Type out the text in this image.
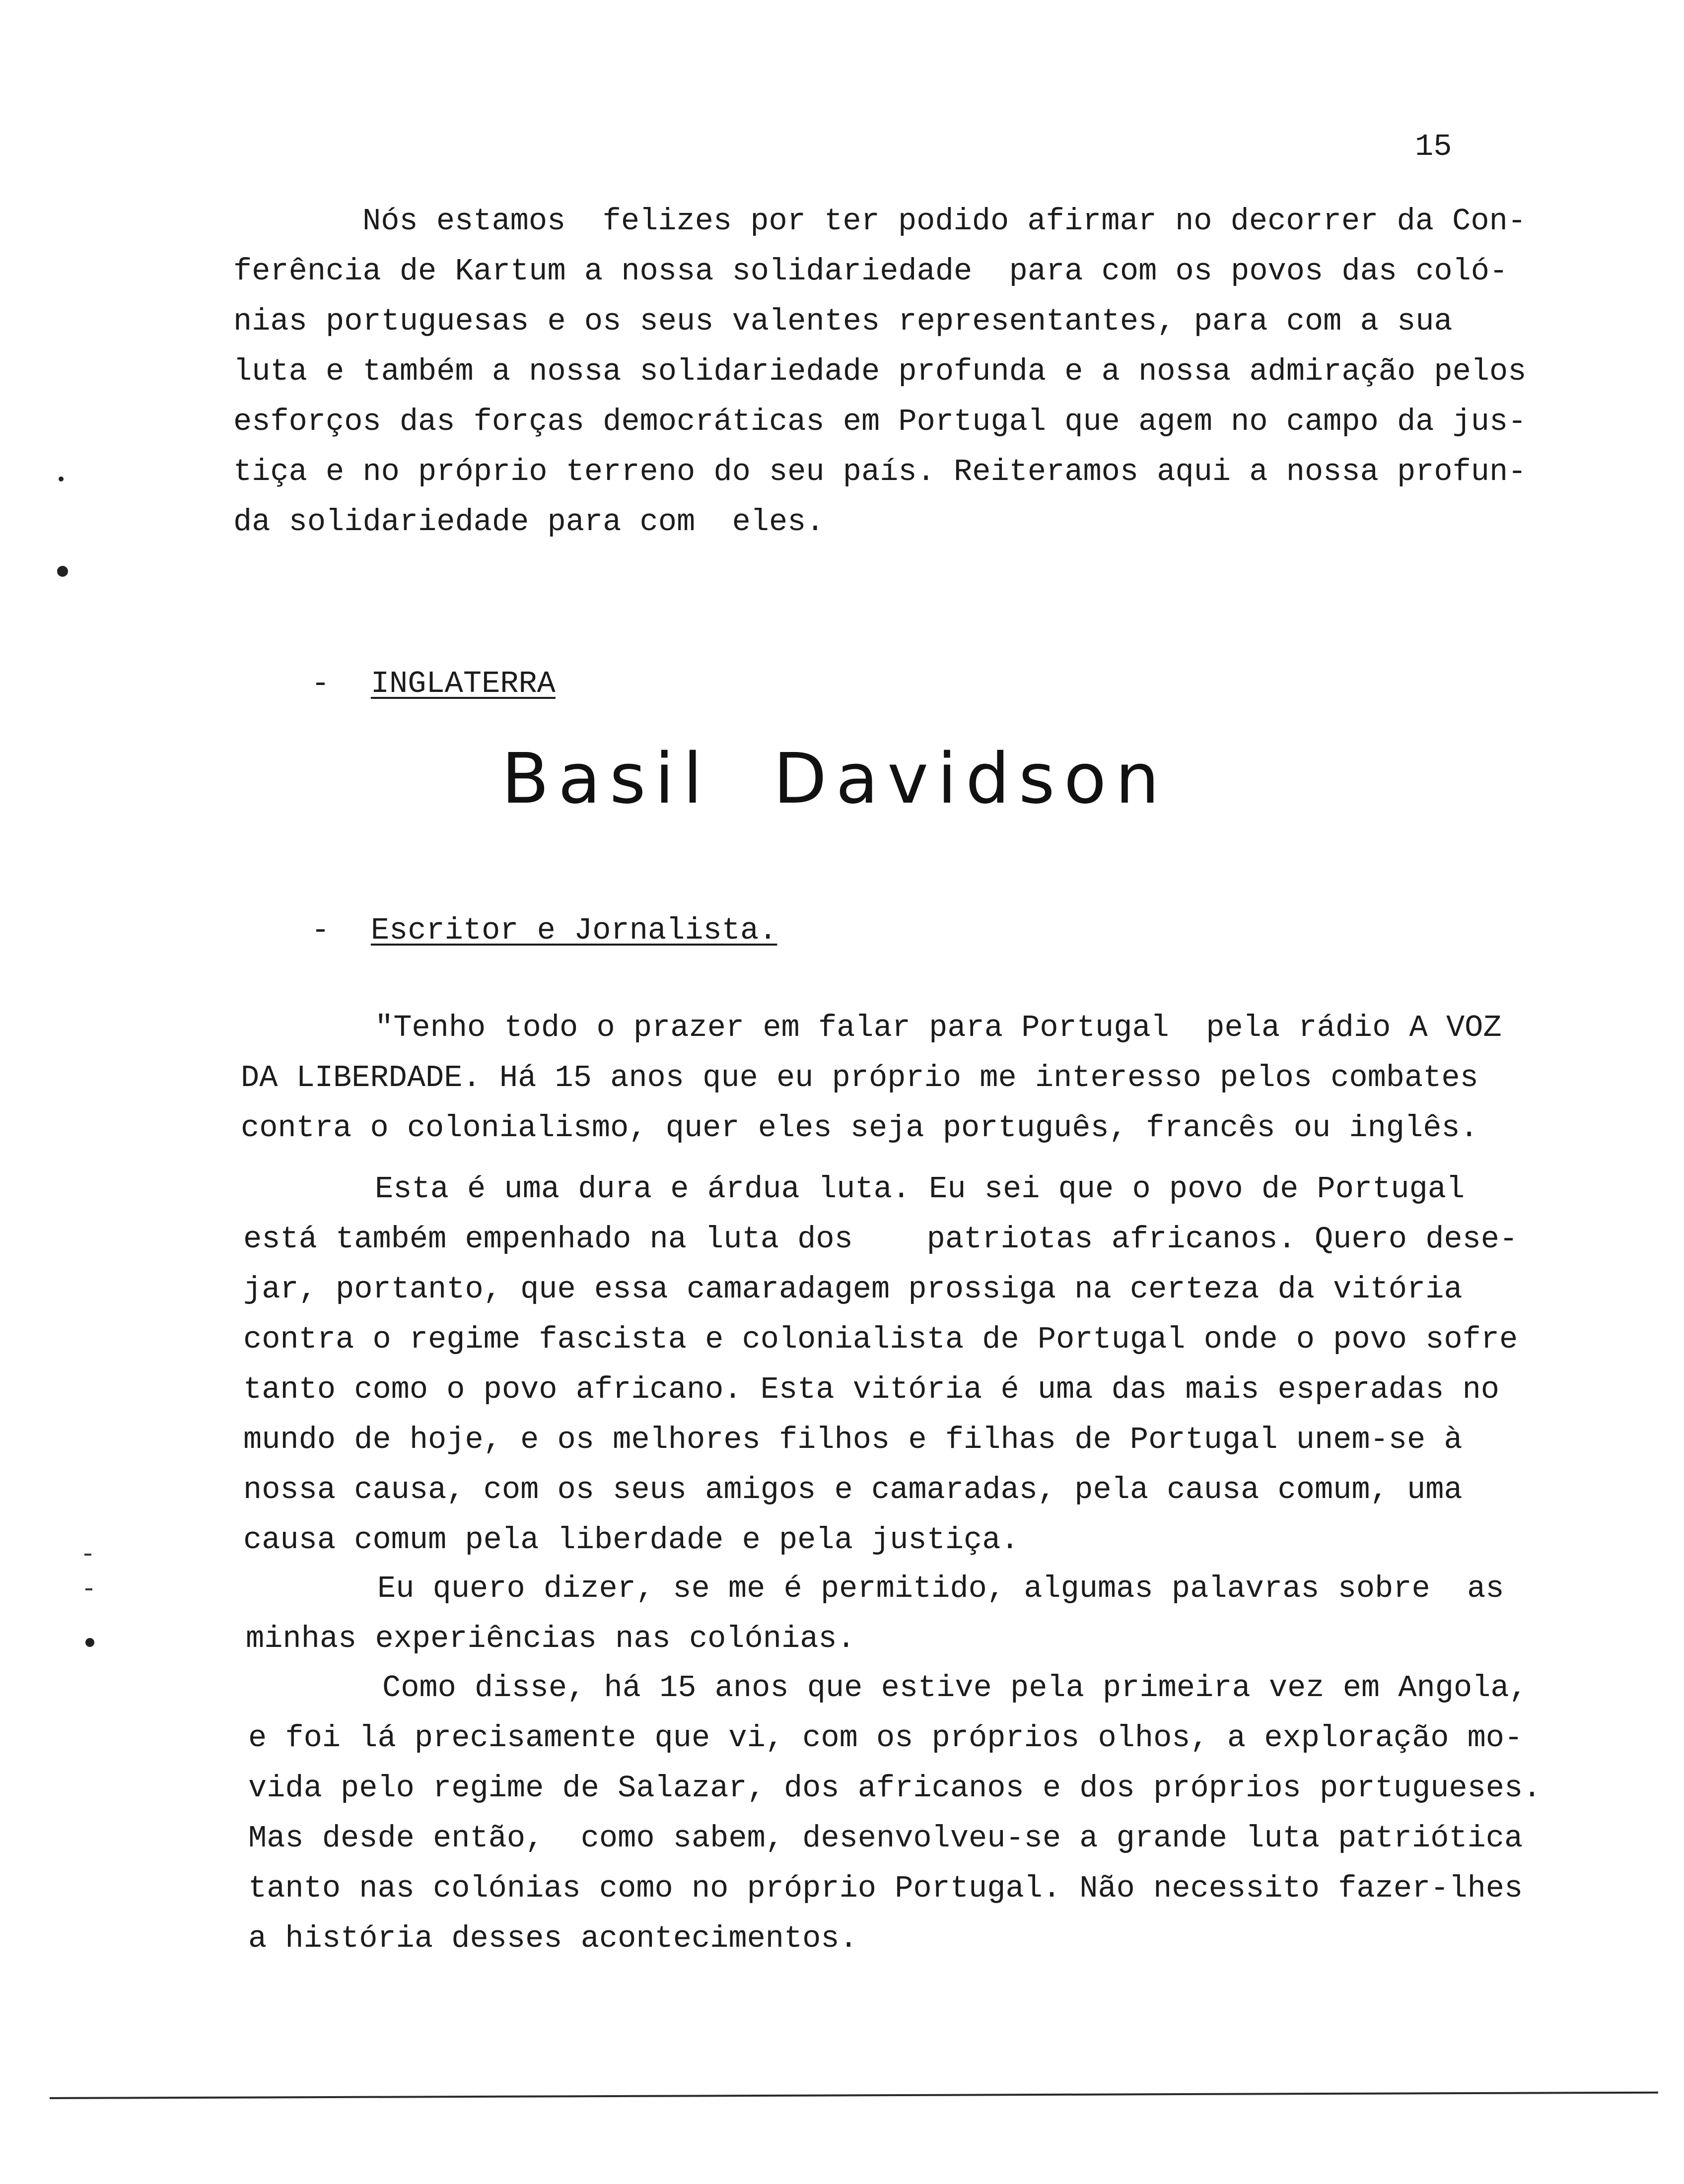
15
Nós estamos  felizes por ter podido afirmar no decorrer da Con-
ferência de Kartum a nossa solidariedade  para com os povos das coló-
nias portuguesas e os seus valentes representantes, para com a sua
luta e também a nossa solidariedade profunda e a nossa admiração pelos
esforços das forças democráticas em Portugal que agem no campo da jus-
tiça e no próprio terreno do seu país. Reiteramos aqui a nossa profun-
da solidariedade para com  eles.

- INGLATERRA

Basil  Davidson

- Escritor e Jornalista.

"Tenho todo o prazer em falar para Portugal  pela rádio A VOZ
DA LIBERDADE. Há 15 anos que eu próprio me interesso pelos combates
contra o colonialismo, quer eles seja português, francês ou inglês.
Esta é uma dura e árdua luta. Eu sei que o povo de Portugal
está também empenhado na luta dos    patriotas africanos. Quero dese-
jar, portanto, que essa camaradagem prossiga na certeza da vitória
contra o regime fascista e colonialista de Portugal onde o povo sofre
tanto como o povo africano. Esta vitória é uma das mais esperadas no
mundo de hoje, e os melhores filhos e filhas de Portugal unem-se à
nossa causa, com os seus amigos e camaradas, pela causa comum, uma
causa comum pela liberdade e pela justiça.
Eu quero dizer, se me é permitido, algumas palavras sobre  as
minhas experiências nas colónias.
Como disse, há 15 anos que estive pela primeira vez em Angola,
e foi lá precisamente que vi, com os próprios olhos, a exploração mo-
vida pelo regime de Salazar, dos africanos e dos próprios portugueses.
Mas desde então,  como sabem, desenvolveu-se a grande luta patriótica
tanto nas colónias como no próprio Portugal. Não necessito fazer-lhes
a história desses acontecimentos.
